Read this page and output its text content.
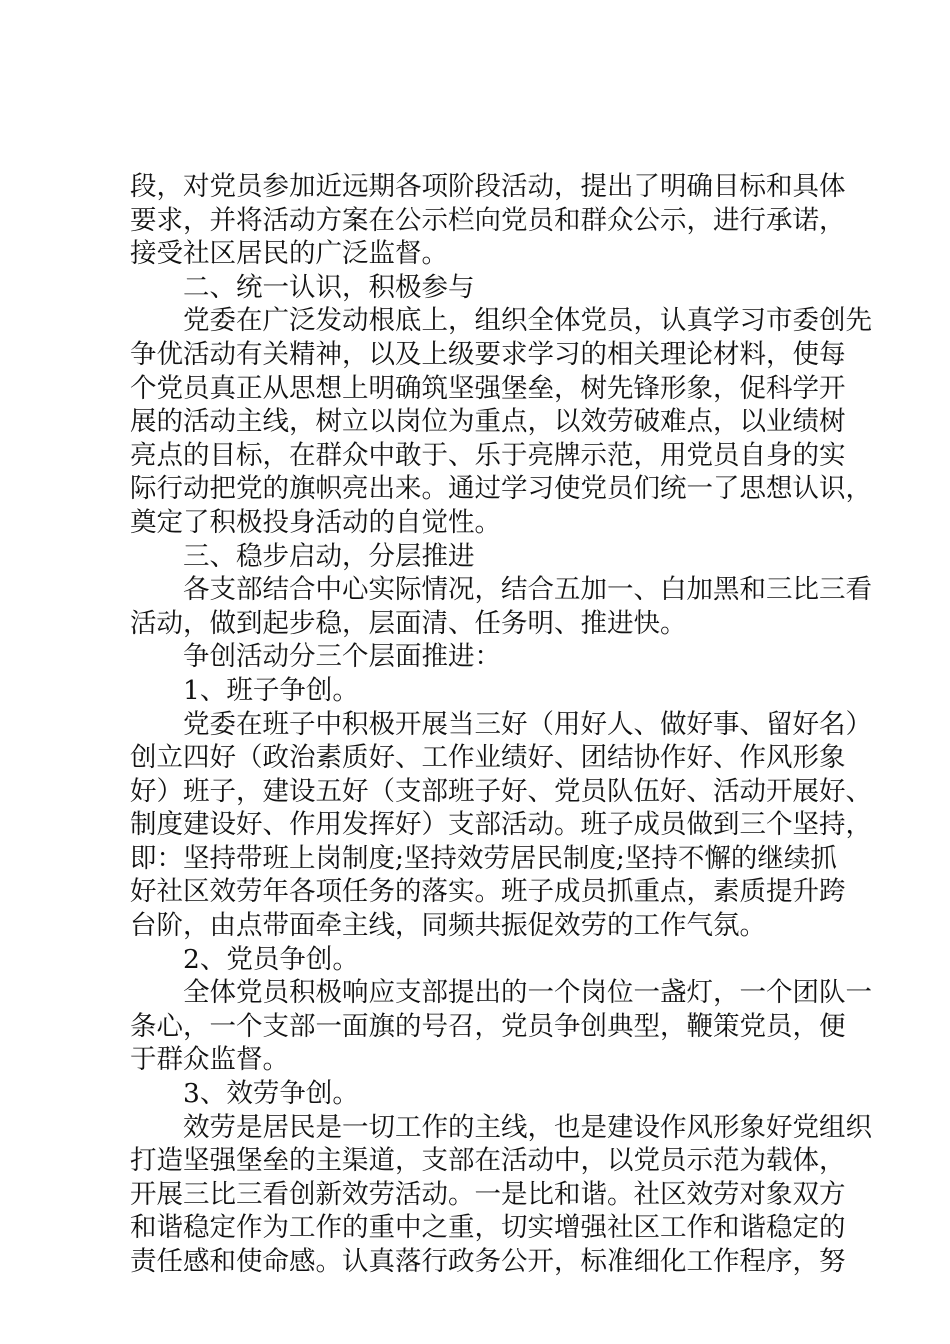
段，对党员参加近远期各项阶段活动，提出了明确目标和具体

要求，并将活动方案在公示栏向党员和群众公示，进行承诺，

接受社区居民的广泛监督。

　　二、统一认识，积极参与

　　党委在广泛发动根底上，组织全体党员，认真学习市委创先

争优活动有关精神，以及上级要求学习的相关理论材料，使每

个党员真正从思想上明确筑坚强堡垒，树先锋形象，促科学开

展的活动主线，树立以岗位为重点，以效劳破难点，以业绩树

亮点的目标，在群众中敢于、乐于亮牌示范，用党员自身的实

际行动把党的旗帜亮出来。通过学习使党员们统一了思想认识，

奠定了积极投身活动的自觉性。

　　三、稳步启动，分层推进

　　各支部结合中心实际情况，结合五加一、白加黑和三比三看

活动，做到起步稳，层面清、任务明、推进快。

　　争创活动分三个层面推进：

　　1、班子争创。

　　党委在班子中积极开展当三好（用好人、做好事、留好名）

创立四好（政治素质好、工作业绩好、团结协作好、作风形象

好）班子，建设五好（支部班子好、党员队伍好、活动开展好、

制度建设好、作用发挥好）支部活动。班子成员做到三个坚持，

即：坚持带班上岗制度;坚持效劳居民制度;坚持不懈的继续抓

好社区效劳年各项任务的落实。班子成员抓重点，素质提升跨

台阶，由点带面牵主线，同频共振促效劳的工作气氛。

　　2、党员争创。

　　全体党员积极响应支部提出的一个岗位一盏灯，一个团队一

条心，一个支部一面旗的号召，党员争创典型，鞭策党员，便

于群众监督。

　　3、效劳争创。

　　效劳是居民是一切工作的主线，也是建设作风形象好党组织

打造坚强堡垒的主渠道，支部在活动中，以党员示范为载体，

开展三比三看创新效劳活动。一是比和谐。社区效劳对象双方

和谐稳定作为工作的重中之重，切实增强社区工作和谐稳定的

责任感和使命感。认真落行政务公开，标准细化工作程序，努
